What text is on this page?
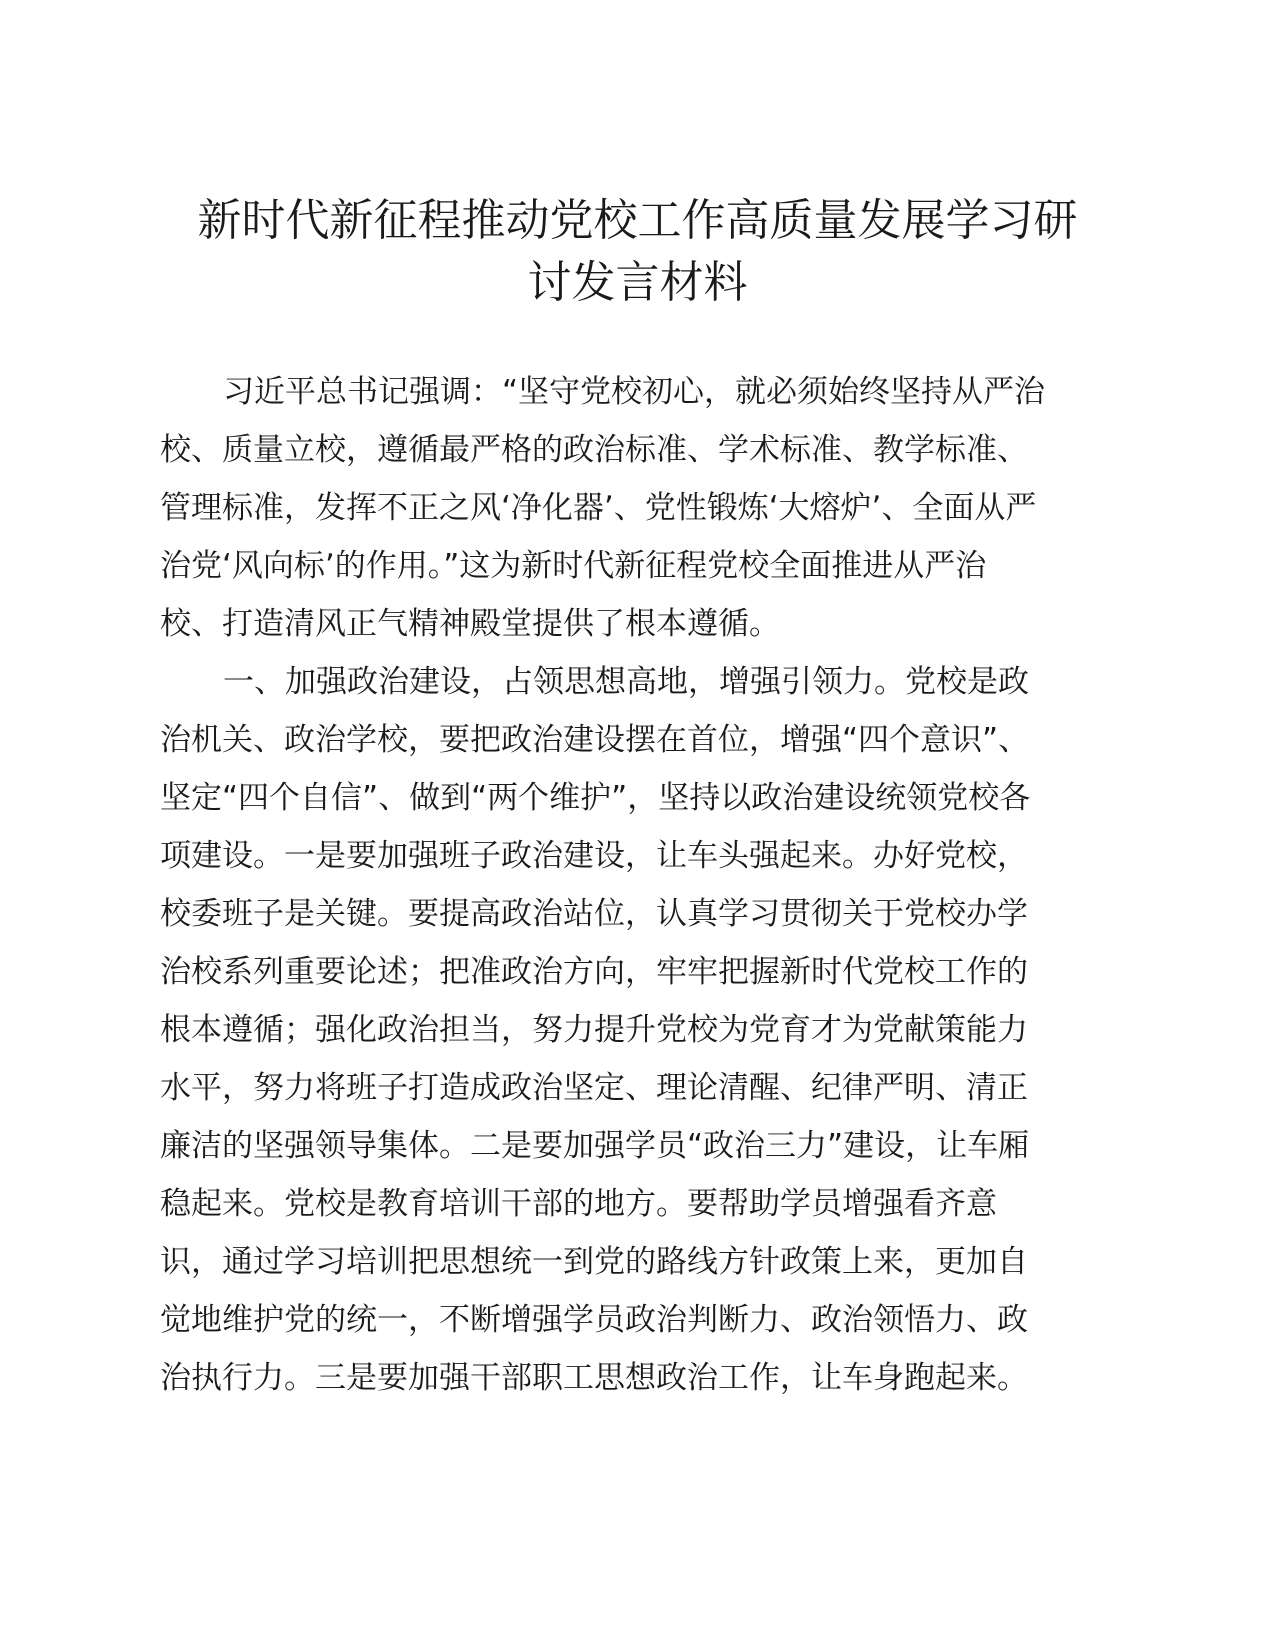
新时代新征程推动党校工作高质量发展学习研
讨发言材料
习近平总书记强调：“坚守党校初心，就必须始终坚持从严治
校、质量立校，遵循最严格的政治标准、学术标准、教学标准、
管理标准，发挥不正之风‘净化器’、党性锻炼‘大熔炉’、全面从严
治党‘风向标’的作用。”这为新时代新征程党校全面推进从严治
校、打造清风正气精神殿堂提供了根本遵循。
一、加强政治建设，占领思想高地，增强引领力。党校是政
治机关、政治学校，要把政治建设摆在首位，增强“四个意识”、
坚定“四个自信”、做到“两个维护”，坚持以政治建设统领党校各
项建设。一是要加强班子政治建设，让车头强起来。办好党校，
校委班子是关键。要提高政治站位，认真学习贯彻关于党校办学
治校系列重要论述；把准政治方向，牢牢把握新时代党校工作的
根本遵循；强化政治担当，努力提升党校为党育才为党献策能力
水平，努力将班子打造成政治坚定、理论清醒、纪律严明、清正
廉洁的坚强领导集体。二是要加强学员“政治三力”建设，让车厢
稳起来。党校是教育培训干部的地方。要帮助学员增强看齐意
识，通过学习培训把思想统一到党的路线方针政策上来，更加自
觉地维护党的统一，不断增强学员政治判断力、政治领悟力、政
治执行力。三是要加强干部职工思想政治工作，让车身跑起来。
